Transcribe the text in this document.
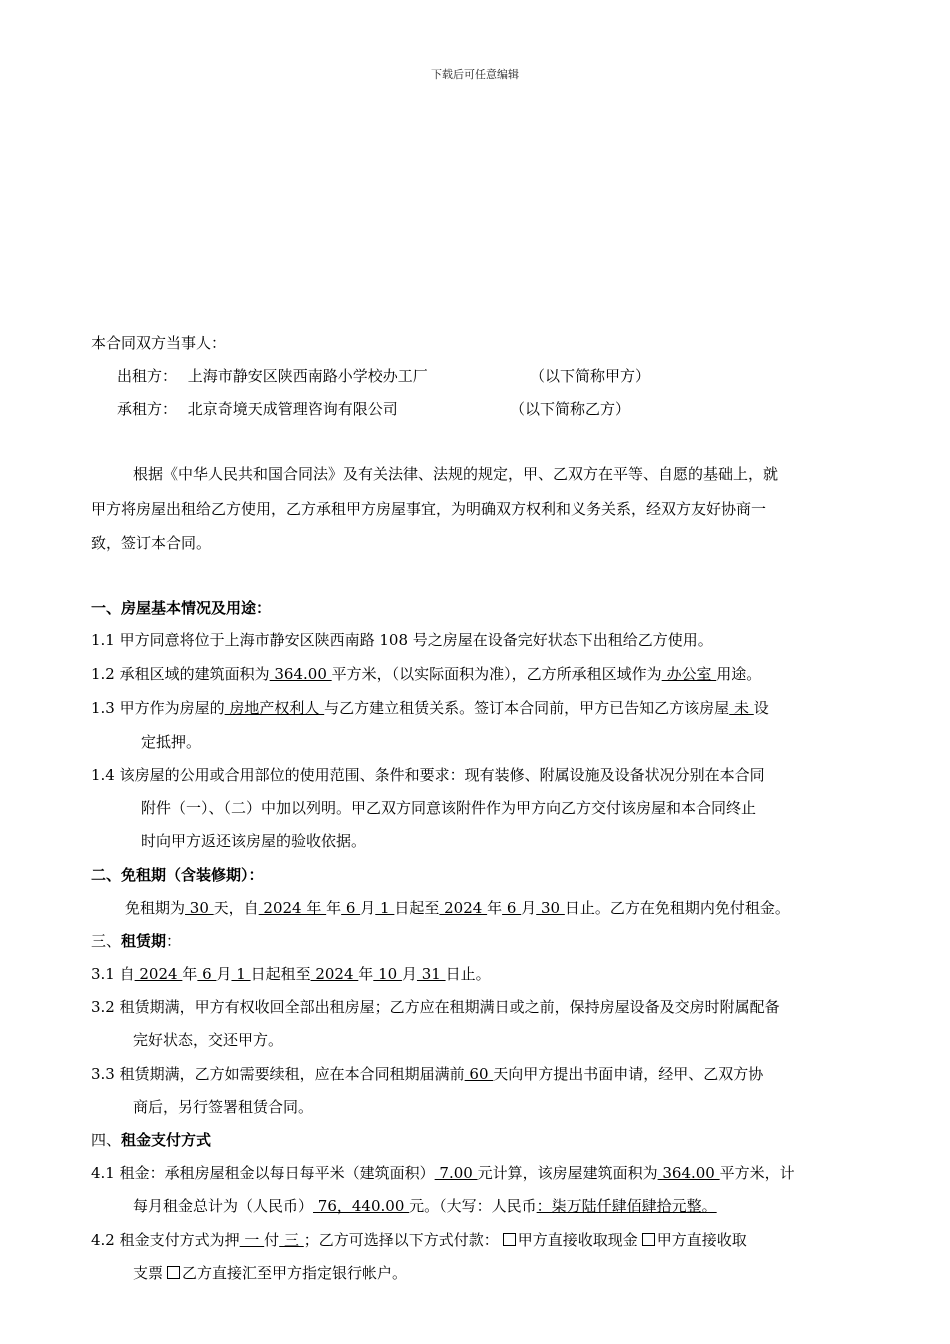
下载后可任意编辑
本合同双方当事人：
出租方： 上海市静安区陕西南路小学校办工厂	（以下简称甲方）
承租方： 北京奇境天成管理咨询有限公司	（以下简称乙方）
根据《中华人民共和国合同法》及有关法律、法规的规定，甲、乙双方在平等、自愿的基础上，就
甲方将房屋出租给乙方使用，乙方承租甲方房屋事宜，为明确双方权利和义务关系，经双方友好协商一
致，签订本合同。
一、房屋基本情况及用途：
1.1 甲方同意将位于上海市静安区陕西南路 108 号之房屋在设备完好状态下出租给乙方使用。
1.2 承租区域的建筑面积为 364.00 平方米，（以实际面积为准），乙方所承租区域作为 办公室 用途。
1.3 甲方作为房屋的 房地产权利人 与乙方建立租赁关系。签订本合同前，甲方已告知乙方该房屋 未 设
定抵押。
1.4 该房屋的公用或合用部位的使用范围、条件和要求：现有装修、附属设施及设备状况分别在本合同
附件（一）、（二）中加以列明。甲乙双方同意该附件作为甲方向乙方交付该房屋和本合同终止
时向甲方返还该房屋的验收依据。
二、免租期（含装修期）：
免租期为 30 天，自 2024 年 年 6 月 1 日起至 2024 年 6 月 30 日止。乙方在免租期内免付租金。
三、租赁期：
3.1 自 2024 年 6 月 1 日起租至 2024 年 10 月 31 日止。
3.2 租赁期满，甲方有权收回全部出租房屋；乙方应在租期满日或之前，保持房屋设备及交房时附属配备
完好状态，交还甲方。
3.3 租赁期满，乙方如需要续租，应在本合同租期届满前 60 天向甲方提出书面申请，经甲、乙双方协
商后，另行签署租赁合同。
四、租金支付方式
4.1 租金：承租房屋租金以每日每平米（建筑面积） 7.00 元计算，该房屋建筑面积为 364.00 平方米，计
每月租金总计为（人民币） 76，440.00 元。（大写：人民币：柒万陆仟肆佰肆拾元整。
4.2 租金支付方式为押 一 付 三 ；乙方可选择以下方式付款： 甲方直接收取现金 甲方直接收取
支票 乙方直接汇至甲方指定银行帐户。
